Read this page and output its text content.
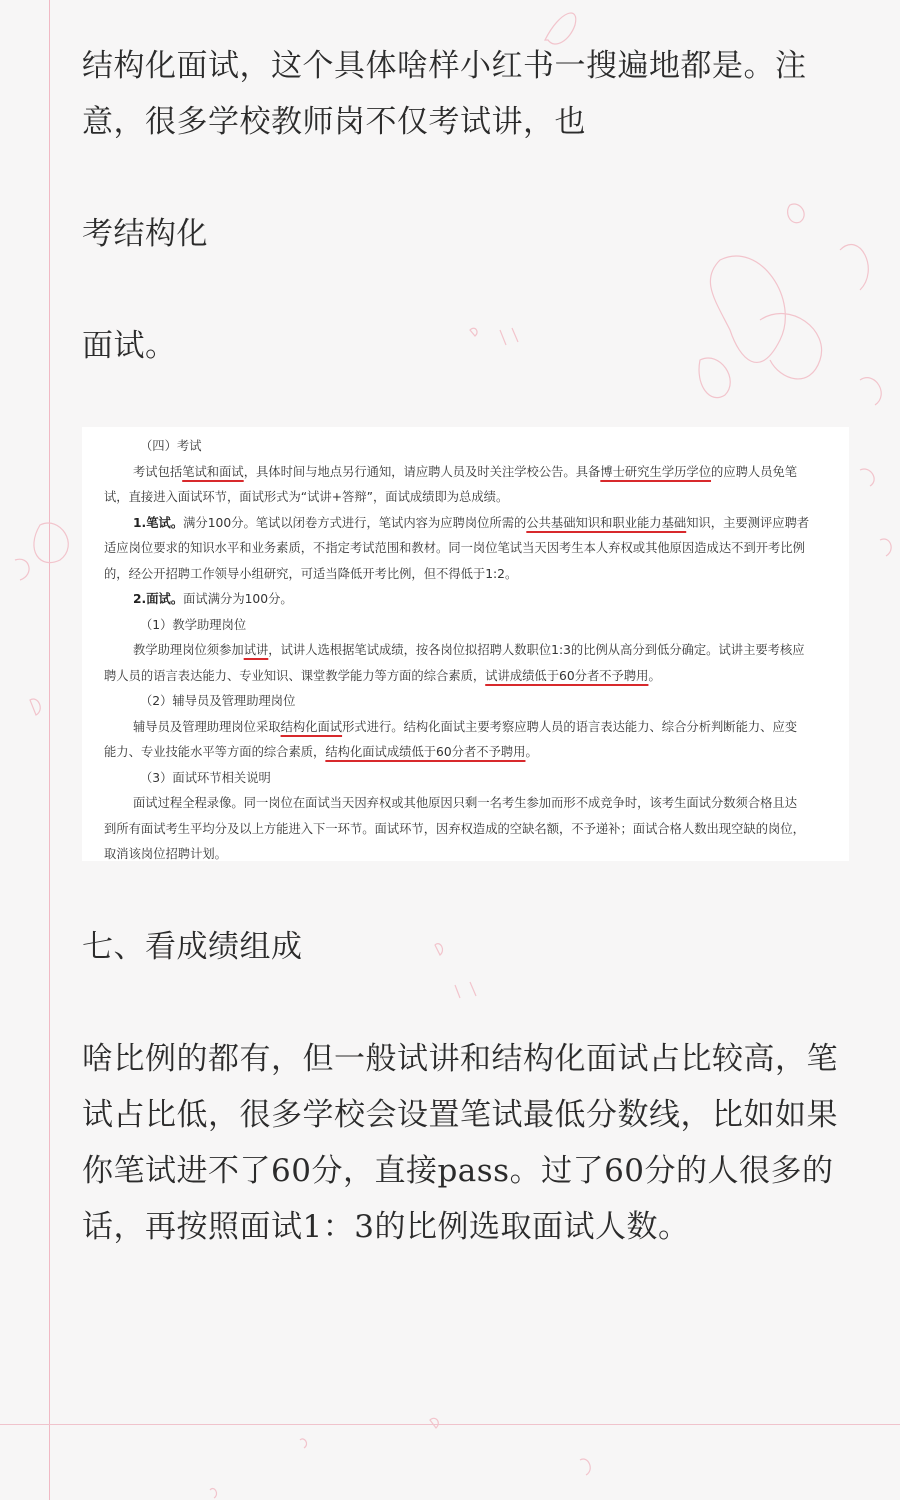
结构化面试，这个具体啥样小红书一搜遍地都是。注
意，很多学校教师岗不仅考试讲，也

考结构化

面试。

（四）考试
考试包括笔试和面试，具体时间与地点另行通知，请应聘人员及时关注学校公告。具备博士研究生学历学位的应聘人员免笔
试，直接进入面试环节，面试形式为“试讲+答辩”，面试成绩即为总成绩。
1.笔试。满分100分。笔试以闭卷方式进行，笔试内容为应聘岗位所需的公共基础知识和职业能力基础知识，主要测评应聘者
适应岗位要求的知识水平和业务素质，不指定考试范围和教材。同一岗位笔试当天因考生本人弃权或其他原因造成达不到开考比例
的，经公开招聘工作领导小组研究，可适当降低开考比例，但不得低于1:2。
2.面试。面试满分为100分。
（1）教学助理岗位
教学助理岗位须参加试讲，试讲人选根据笔试成绩，按各岗位拟招聘人数职位1:3的比例从高分到低分确定。试讲主要考核应
聘人员的语言表达能力、专业知识、课堂教学能力等方面的综合素质，试讲成绩低于60分者不予聘用。
（2）辅导员及管理助理岗位
辅导员及管理助理岗位采取结构化面试形式进行。结构化面试主要考察应聘人员的语言表达能力、综合分析判断能力、应变
能力、专业技能水平等方面的综合素质，结构化面试成绩低于60分者不予聘用。
（3）面试环节相关说明
面试过程全程录像。同一岗位在面试当天因弃权或其他原因只剩一名考生参加而形不成竞争时，该考生面试分数须合格且达
到所有面试考生平均分及以上方能进入下一环节。面试环节，因弃权造成的空缺名额，不予递补；面试合格人数出现空缺的岗位，
取消该岗位招聘计划。

七、看成绩组成

啥比例的都有，但一般试讲和结构化面试占比较高，笔
试占比低，很多学校会设置笔试最低分数线，比如如果
你笔试进不了60分，直接pass。过了60分的人很多的
话，再按照面试1：3的比例选取面试人数。
